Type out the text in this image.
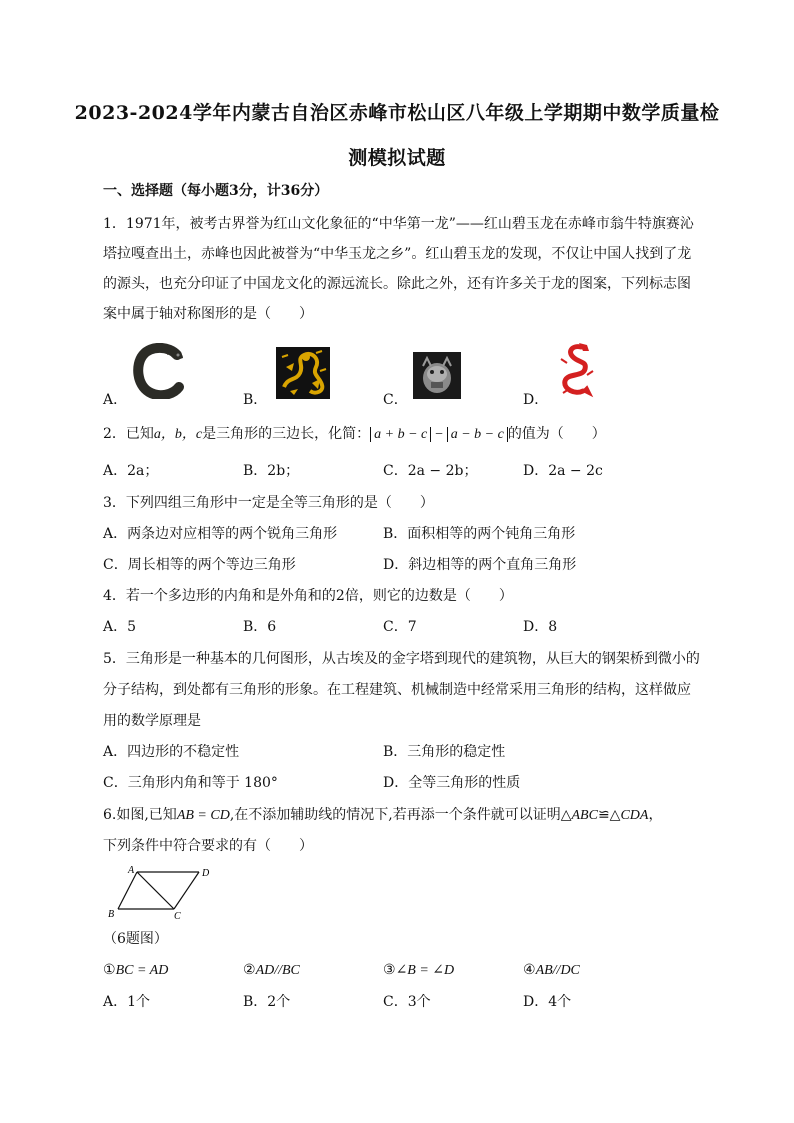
2023-2024学年内蒙古自治区赤峰市松山区八年级上学期期中数学质量检
测模拟试题
一、选择题（每小题3分，计36分）
1．1971年，被考古界誉为红山文化象征的“中华第一龙”——红山碧玉龙在赤峰市翁牛特旗赛沁
塔拉嘎查出土，赤峰也因此被誉为“中华玉龙之乡”。红山碧玉龙的发现，不仅让中国人找到了龙
的源头，也充分印证了中国龙文化的源远流长。除此之外，还有许多关于龙的图案，下列标志图
案中属于轴对称图形的是（　　）
A．	B．	C．	D．
2．已知a，b，c是三角形的三边长，化简： a + b − c − a − b − c 的值为（　　）
A．2a；	B．2b；	C．2a − 2b；	D．2a − 2c
3．下列四组三角形中一定是全等三角形的是（　　）
A．两条边对应相等的两个锐角三角形	B．面积相等的两个钝角三角形
C．周长相等的两个等边三角形	D．斜边相等的两个直角三角形
4．若一个多边形的内角和是外角和的2倍，则它的边数是（　　）
A．5	B．6	C．7	D．8
5．三角形是一种基本的几何图形，从古埃及的金字塔到现代的建筑物，从巨大的钢架桥到微小的
分子结构，到处都有三角形的形象。在工程建筑、机械制造中经常采用三角形的结构，这样做应
用的数学原理是
A．四边形的不稳定性	B．三角形的稳定性
C．三角形内角和等于 180°	D．全等三角形的性质
6.如图,已知AB = CD,在不添加辅助线的情况下,若再添一个条件就可以证明△ABC≌△CDA，
下列条件中符合要求的有（　　）
A	D
B	C
（6题图）
①BC = AD	②AD//BC	③∠B = ∠D	④AB//DC
A．1个	B．2个	C．3个	D．4个
